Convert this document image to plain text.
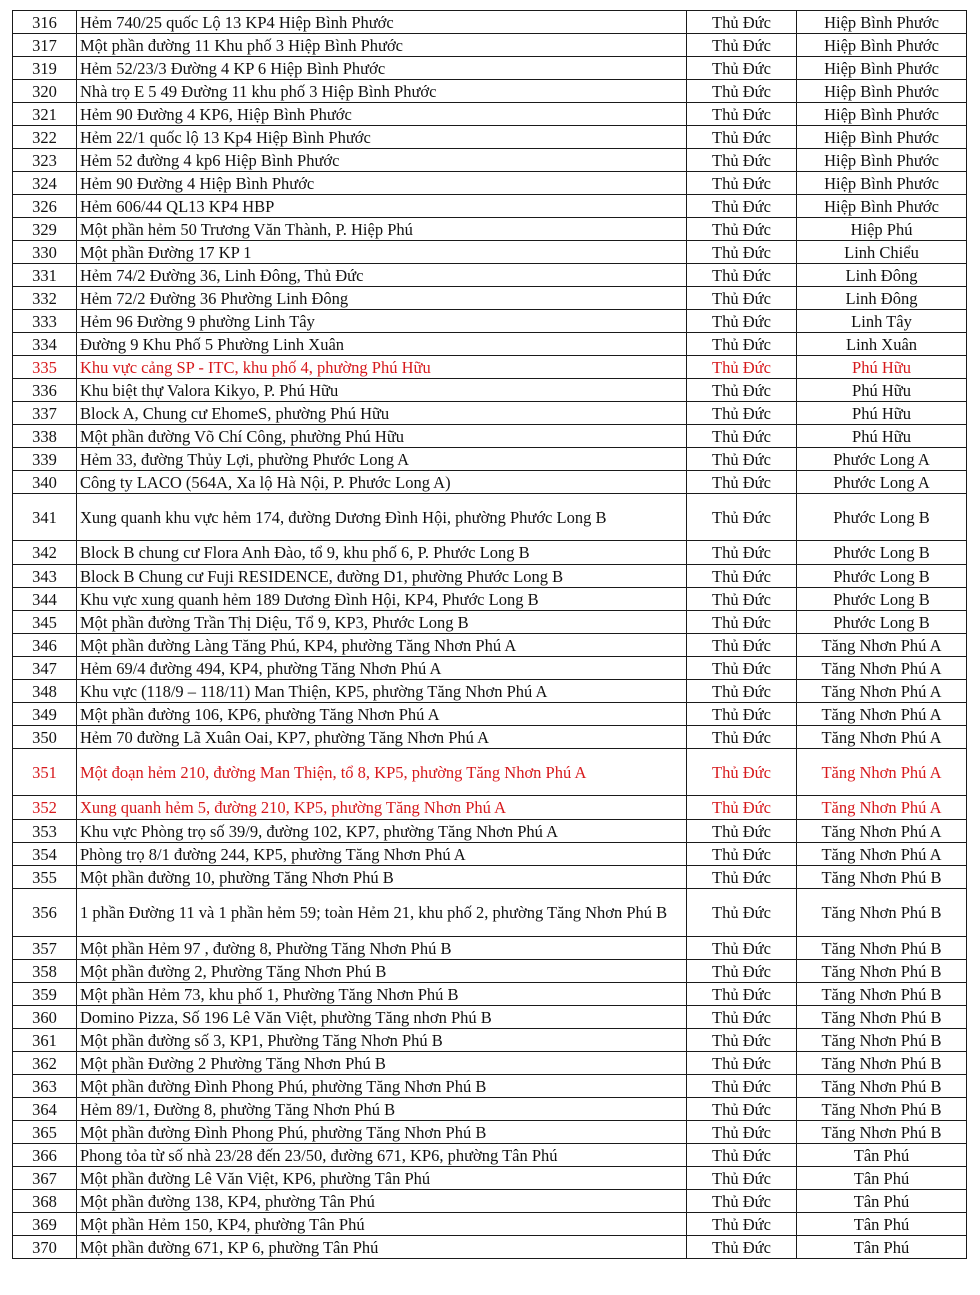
316	Hẻm 740/25 quốc Lộ 13 KP4 Hiệp Bình Phước	Thủ Đức	Hiệp Bình Phước
317	Một phần đường 11 Khu phố 3 Hiệp Bình Phước	Thủ Đức	Hiệp Bình Phước
319	Hẻm 52/23/3 Đường 4 KP 6 Hiệp Bình Phước	Thủ Đức	Hiệp Bình Phước
320	Nhà trọ E 5 49 Đường 11 khu phố 3 Hiệp Bình Phước	Thủ Đức	Hiệp Bình Phước
321	Hẻm 90 Đường 4 KP6, Hiệp Bình Phước	Thủ Đức	Hiệp Bình Phước
322	Hẻm 22/1 quốc lộ 13 Kp4 Hiệp Bình Phước	Thủ Đức	Hiệp Bình Phước
323	Hẻm 52 đường 4 kp6 Hiệp Bình Phước	Thủ Đức	Hiệp Bình Phước
324	Hẻm 90 Đường 4 Hiệp Bình Phước	Thủ Đức	Hiệp Bình Phước
326	Hẻm 606/44 QL13 KP4 HBP	Thủ Đức	Hiệp Bình Phước
329	Một phần hẻm 50 Trương Văn Thành, P. Hiệp Phú	Thủ Đức	Hiệp Phú
330	Một phần Đường 17 KP 1	Thủ Đức	Linh Chiểu
331	Hẻm 74/2 Đường 36, Linh Đông, Thủ Đức	Thủ Đức	Linh Đông
332	Hẻm 72/2 Đường 36 Phường Linh Đông	Thủ Đức	Linh Đông
333	Hẻm 96 Đường 9 phường Linh Tây	Thủ Đức	Linh Tây
334	Đường 9 Khu Phố 5 Phường Linh Xuân	Thủ Đức	Linh Xuân
335	Khu vực cảng SP - ITC, khu phố 4, phường Phú Hữu	Thủ Đức	Phú Hữu
336	Khu biệt thự Valora Kikyo, P. Phú Hữu	Thủ Đức	Phú Hữu
337	Block A, Chung cư EhomeS, phường Phú Hữu	Thủ Đức	Phú Hữu
338	Một phần đường Võ Chí Công, phường Phú Hữu	Thủ Đức	Phú Hữu
339	Hẻm 33, đường Thủy Lợi, phường Phước Long A	Thủ Đức	Phước Long A
340	Công ty LACO (564A, Xa lộ Hà Nội, P. Phước Long A)	Thủ Đức	Phước Long A
341	Xung quanh khu vực hẻm 174, đường Dương Đình Hội, phường Phước Long B	Thủ Đức	Phước Long B
342	Block B chung cư Flora Anh Đào, tổ 9, khu phố 6, P. Phước Long B	Thủ Đức	Phước Long B
343	Block B Chung cư Fuji RESIDENCE, đường D1, phường Phước Long B	Thủ Đức	Phước Long B
344	Khu vực xung quanh hẻm 189 Dương Đình Hội, KP4, Phước Long B	Thủ Đức	Phước Long B
345	Một phần đường Trần Thị Diệu, Tổ 9, KP3, Phước Long B	Thủ Đức	Phước Long B
346	Một phần đường Làng Tăng Phú, KP4, phường Tăng Nhơn Phú A	Thủ Đức	Tăng Nhơn Phú A
347	Hẻm 69/4 đường 494, KP4, phường Tăng Nhơn Phú A	Thủ Đức	Tăng Nhơn Phú A
348	Khu vực (118/9 – 118/11) Man Thiện, KP5, phường Tăng Nhơn Phú A	Thủ Đức	Tăng Nhơn Phú A
349	Một phần đường 106, KP6, phường Tăng Nhơn Phú A	Thủ Đức	Tăng Nhơn Phú A
350	Hẻm 70 đường Lã Xuân Oai, KP7, phường Tăng Nhơn Phú A	Thủ Đức	Tăng Nhơn Phú A
351	Một đoạn hẻm 210, đường Man Thiện, tổ 8, KP5, phường Tăng Nhơn Phú A	Thủ Đức	Tăng Nhơn Phú A
352	Xung quanh hẻm 5, đường 210, KP5, phường Tăng Nhơn Phú A	Thủ Đức	Tăng Nhơn Phú A
353	Khu vực Phòng trọ số 39/9, đường 102, KP7, phường Tăng Nhơn Phú A	Thủ Đức	Tăng Nhơn Phú A
354	Phòng trọ 8/1 đường 244, KP5, phường Tăng Nhơn Phú A	Thủ Đức	Tăng Nhơn Phú A
355	Một phần đường 10, phường Tăng Nhơn Phú B	Thủ Đức	Tăng Nhơn Phú B
356	1 phần Đường 11 và 1 phần hẻm 59; toàn Hẻm 21, khu phố 2, phường Tăng Nhơn Phú B	Thủ Đức	Tăng Nhơn Phú B
357	Một phần Hẻm 97 , đường 8, Phường Tăng Nhơn Phú B	Thủ Đức	Tăng Nhơn Phú B
358	Một phần đường 2, Phường Tăng Nhơn Phú B	Thủ Đức	Tăng Nhơn Phú B
359	Một phần Hẻm 73, khu phố 1, Phường Tăng Nhơn Phú B	Thủ Đức	Tăng Nhơn Phú B
360	Domino Pizza, Số 196 Lê Văn Việt, phường Tăng nhơn Phú B	Thủ Đức	Tăng Nhơn Phú B
361	Một phần đường số 3, KP1, Phường Tăng Nhơn Phú B	Thủ Đức	Tăng Nhơn Phú B
362	Một phần Đường 2 Phường Tăng Nhơn Phú B	Thủ Đức	Tăng Nhơn Phú B
363	Một phần đường Đình Phong Phú, phường Tăng Nhơn Phú B	Thủ Đức	Tăng Nhơn Phú B
364	Hẻm 89/1, Đường 8, phường Tăng Nhơn Phú B	Thủ Đức	Tăng Nhơn Phú B
365	Một phần đường Đình Phong Phú, phường Tăng Nhơn Phú B	Thủ Đức	Tăng Nhơn Phú B
366	Phong tỏa từ số nhà 23/28 đến 23/50, đường 671, KP6, phường Tân Phú	Thủ Đức	Tân Phú
367	Một phần đường Lê Văn Việt, KP6, phường Tân Phú	Thủ Đức	Tân Phú
368	Một phần đường 138, KP4, phường Tân Phú	Thủ Đức	Tân Phú
369	Một phần Hẻm 150, KP4, phường Tân Phú	Thủ Đức	Tân Phú
370	Một phần đường 671, KP 6, phường Tân Phú	Thủ Đức	Tân Phú
